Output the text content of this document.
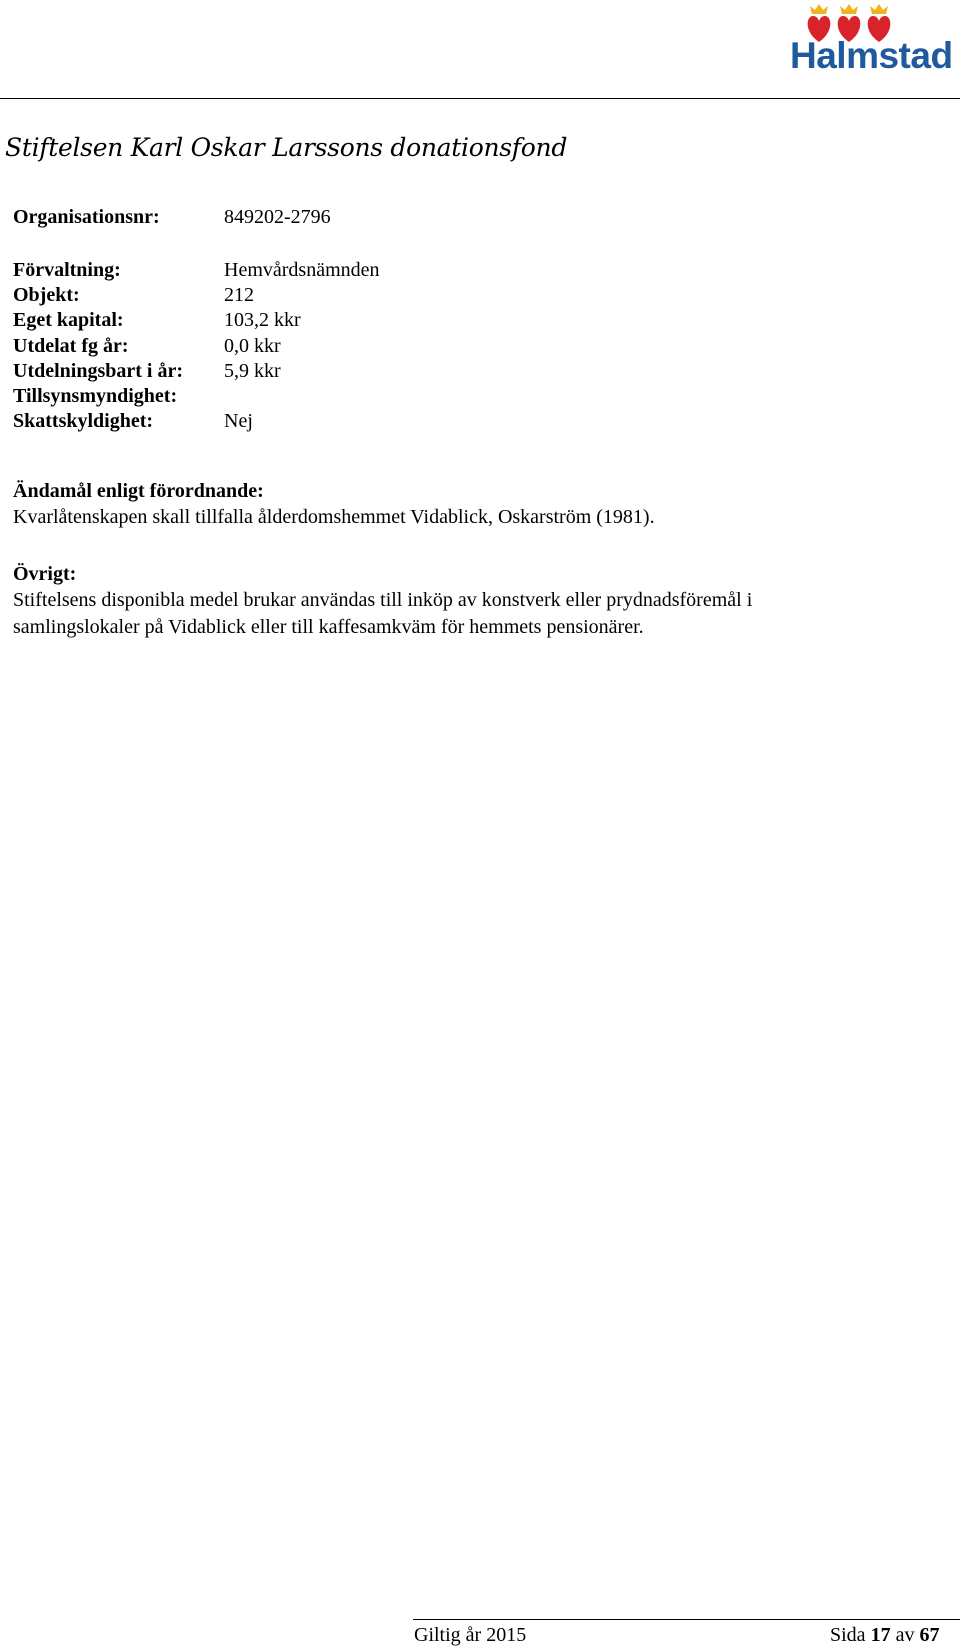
Halmstad
Stiftelsen Karl Oskar Larssons donationsfond
Organisationsnr:	849202-2796
Förvaltning:	Hemvårdsnämnden
Objekt:	212
Eget kapital:	103,2 kkr
Utdelat fg år:	0,0 kkr
Utdelningsbart i år: 5,9 kkr
Tillsynsmyndighet:
Skattskyldighet:	Nej
Ändamål enligt förordnande:

Kvarlåtenskapen skall tillfalla ålderdomshemmet Vidablick, Oskarström (1981).

Övrigt:

Stiftelsens disponibla medel brukar användas till inköp av konstverk eller prydnadsföremål i samlingslokaler på Vidablick eller till kaffesamkväm för hemmets pensionärer.

Giltig år 2015	Sida 17 av 67
